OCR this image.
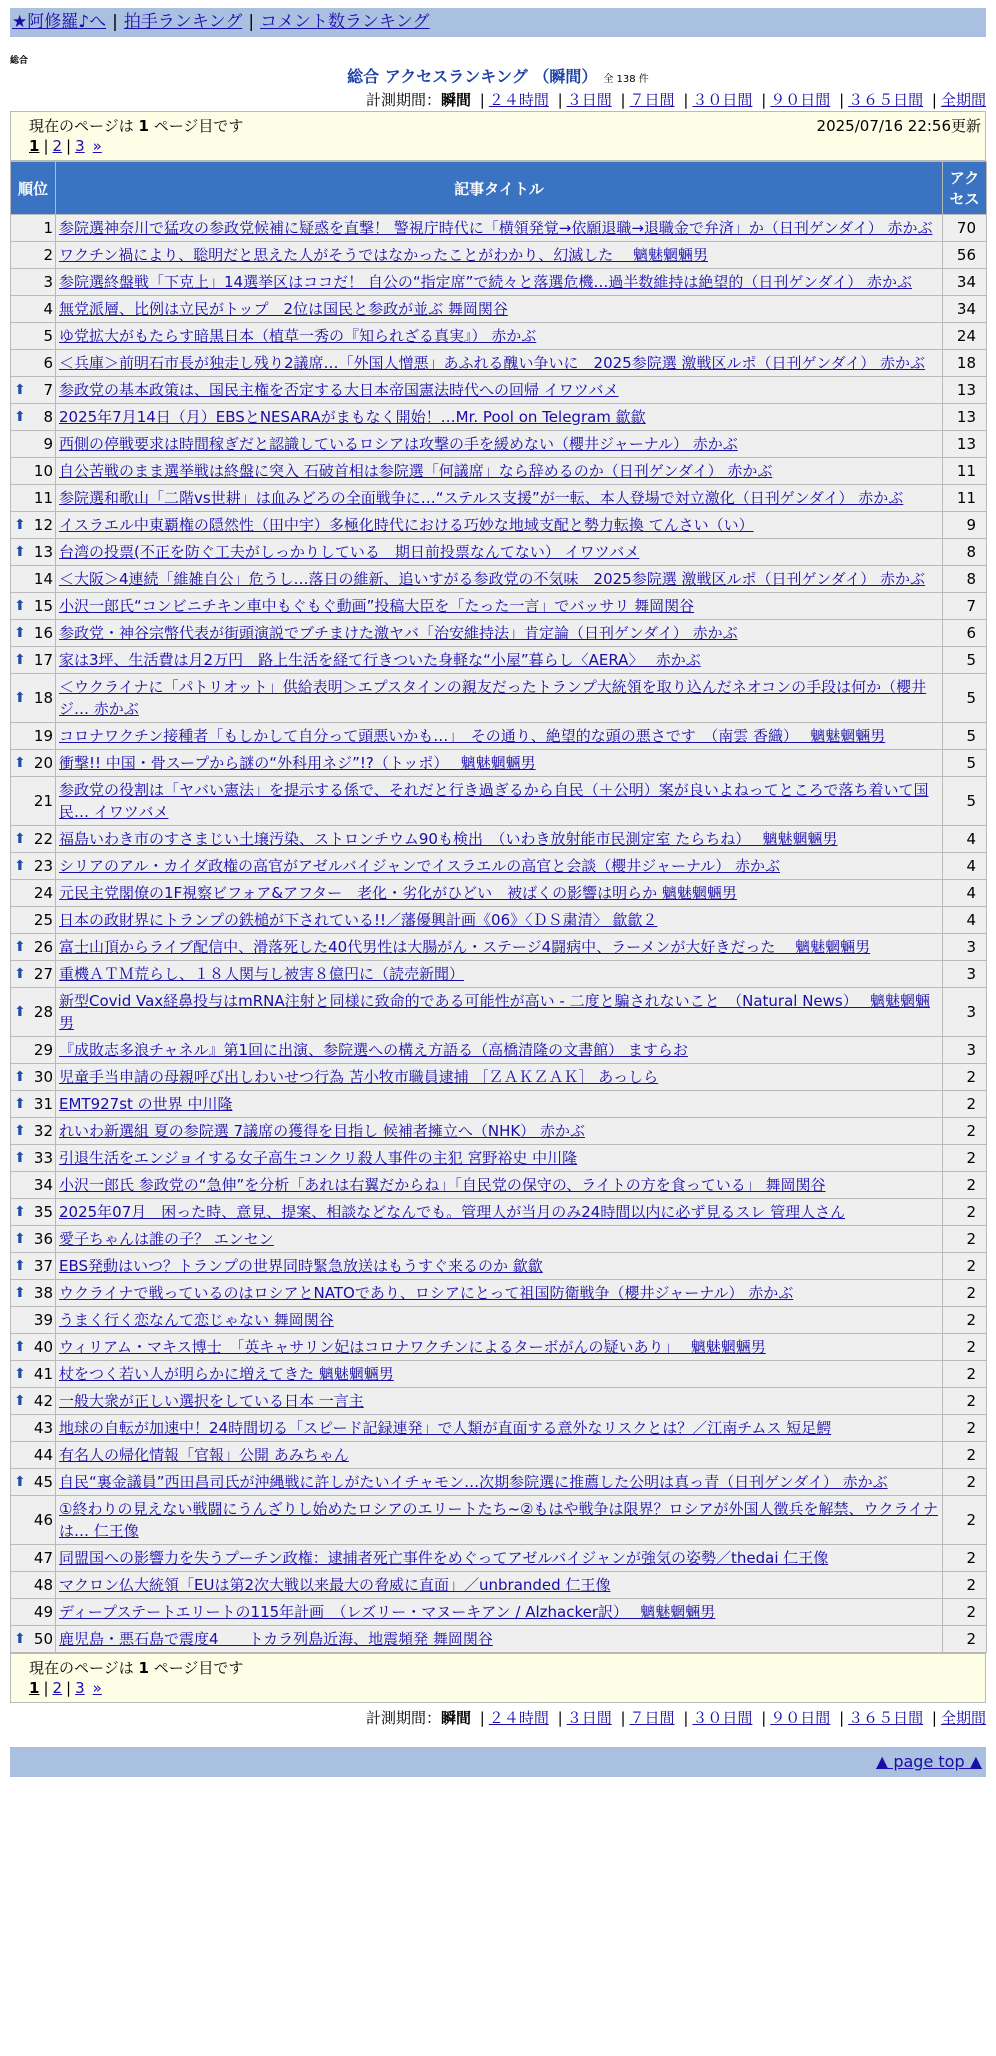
★阿修羅♪へ | 拍手ランキング | コメント数ランキング
総合
総合 アクセスランキング （瞬間） 全 138 件
計測期間：瞬間 | ２４時間 | ３日間 | ７日間 | ３０日間 | ９０日間 | ３６５日間 | 全期間
現在のページは 1 ページ目です	2025/07/16 22:56更新
1 | 2 | 3 »
順位	記事タイトル	アクセス
1	参院選神奈川で猛攻の参政党候補に疑惑を直撃！ 警視庁時代に「横領発覚→依願退職→退職金で弁済」か（日刊ゲンダイ） 赤かぶ	70
2	ワクチン禍により、聡明だと思えた人がそうではなかったことがわかり、幻滅した　 魑魅魍魎男	56
3	参院選終盤戦「下克上」14選挙区はココだ！ 自公の“指定席”で続々と落選危機…過半数維持は絶望的（日刊ゲンダイ） 赤かぶ	34
4	無党派層、比例は立民がトップ　2位は国民と参政が並ぶ 舞岡関谷	34
5	ゆ党拡大がもたらす暗黒日本（植草一秀の『知られざる真実』） 赤かぶ	24
6	＜兵庫＞前明石市長が独走し残り2議席…「外国人憎悪」あふれる醜い争いに　2025参院選 激戦区ルポ（日刊ゲンダイ） 赤かぶ	18

⬆ 7	参政党の基本政策は、国民主権を否定する大日本帝国憲法時代への回帰 イワツバメ	13

⬆ 8	2025年7月14日（月）EBSとNESARAがまもなく開始！…Mr. Pool on Telegram 歙歙	13
9	西側の停戦要求は時間稼ぎだと認識しているロシアは攻撃の手を緩めない（櫻井ジャーナル） 赤かぶ	13
10	自公苦戦のまま選挙戦は終盤に突入 石破首相は参院選「何議席」なら辞めるのか（日刊ゲンダイ） 赤かぶ	11
11	参院選和歌山「二階vs世耕」は血みどろの全面戦争に…“ステルス支援”が一転、本人登場で対立激化（日刊ゲンダイ） 赤かぶ	11

⬆ 12	イスラエル中東覇権の隠然性（田中宇）多極化時代における巧妙な地域支配と勢力転換 てんさい（い）	9

⬆ 13	台湾の投票(不正を防ぐ工夫がしっかりしている　期日前投票なんてない） イワツバメ	8
14	＜大阪＞4連続「維雑自公」危うし…落日の維新、追いすがる参政党の不気味　2025参院選 激戦区ルポ（日刊ゲンダイ） 赤かぶ	8

⬆ 15	小沢一郎氏“コンビニチキン車中もぐもぐ動画”投稿大臣を「たった一言」でバッサリ 舞岡関谷	7

⬆ 16	参政党・神谷宗幣代表が街頭演説でブチまけた激ヤバ「治安維持法」肯定論（日刊ゲンダイ） 赤かぶ	6

⬆ 17	家は3坪、生活費は月2万円　路上生活を経て行きついた身軽な“小屋”暮らし〈AERA〉　 赤かぶ	5

⬆ 18	＜ウクライナに「パトリオット」供給表明＞エプスタインの親友だったトランプ大統領を取り込んだネオコンの手段は何か（櫻井ジ… 赤かぶ	5
19	コロナワクチン接種者「もしかして自分って頭悪いかも…」　その通り、絶望的な頭の悪さです　（南雲 香織）　 魑魅魍魎男	5

⬆ 20	衝撃!! 中国・骨スープから謎の“外科用ネジ”!?（トッポ）　 魑魅魍魎男	5
21	参政党の役割は「ヤバい憲法」を提示する係で、それだと行き過ぎるから自民（＋公明）案が良いよねってところで落ち着いて国民… イワツバメ	5

⬆ 22	福島いわき市のすさまじい土壌汚染、ストロンチウム90も検出　（いわき放射能市民測定室 たらちね）　 魑魅魍魎男	4

⬆ 23	シリアのアル・カイダ政権の高官がアゼルバイジャンでイスラエルの高官と会談（櫻井ジャーナル） 赤かぶ	4
24	元民主党閣僚の1F視察ビフォア&アフター　老化・劣化がひどい　被ばくの影響は明らか 魑魅魍魎男	4
25	日本の政財界にトランプの鉄槌が下されている!!／藩優興計画《06》〈ＤＳ粛清〉 歙歙２	4

⬆ 26	富士山頂からライブ配信中、滑落死した40代男性は大腸がん・ステージ4闘病中、ラーメンが大好きだった　 魑魅魍魎男	3

⬆ 27	重機ＡＴＭ荒らし、１８人関与し被害８億円に（読売新聞）	3

⬆ 28	新型Covid Vax経鼻投与はmRNA注射と同様に致命的である可能性が高い - 二度と騙されないこと　（Natural News）　 魑魅魍魎男	3
29	『成敗志多浪チャネル』第1回に出演、参院選への構え方語る（高橋清隆の文書館） ますらお	3

⬆ 30	児童手当申請の母親呼び出しわいせつ行為 苫小牧市職員逮捕 ［ＺＡＫＺＡＫ］ あっしら	2

⬆ 31	EMT927st の世界 中川隆	2

⬆ 32	れいわ新選組 夏の参院選 7議席の獲得を目指し 候補者擁立へ（NHK） 赤かぶ	2

⬆ 33	引退生活をエンジョイする女子高生コンクリ殺人事件の主犯 宮野裕史 中川隆	2
34	小沢一郎氏 参政党の“急伸”を分析「あれは右翼だからね」「自民党の保守の、ライトの方を食っている」 舞岡関谷	2

⬆ 35	2025年07月　困った時、意見、提案、相談などなんでも。管理人が当月のみ24時間以内に必ず見るスレ 管理人さん	2

⬆ 36	愛子ちゃんは誰の子？ エンセン	2

⬆ 37	EBS発動はいつ？トランプの世界同時緊急放送はもうすぐ来るのか 歙歙	2

⬆ 38	ウクライナで戦っているのはロシアとNATOであり、ロシアにとって祖国防衛戦争（櫻井ジャーナル） 赤かぶ	2
39	うまく行く恋なんて恋じゃない 舞岡関谷	2

⬆ 40	ウィリアム・マキス博士　「英キャサリン妃はコロナワクチンによるターボがんの疑いあり」　 魑魅魍魎男	2

⬆ 41	杖をつく若い人が明らかに増えてきた 魑魅魍魎男	2

⬆ 42	一般大衆が正しい選択をしている日本 一言主	2
43	地球の自転が加速中！24時間切る「スピード記録連発」で人類が直面する意外なリスクとは？／江南チムス 短足鰐	2
44	有名人の帰化情報「官報」公開 あみちゃん	2

⬆ 45	自民“裏金議員”西田昌司氏が沖縄戦に許しがたいイチャモン…次期参院選に推薦した公明は真っ青（日刊ゲンダイ） 赤かぶ	2
46	①終わりの見えない戦闘にうんざりし始めたロシアのエリートたち~②もはや戦争は限界？ロシアが外国人徴兵を解禁、ウクライナは… 仁王像	2
47	同盟国への影響力を失うプーチン政権：逮捕者死亡事件をめぐってアゼルバイジャンが強気の姿勢／thedai 仁王像	2
48	マクロン仏大統領「EUは第2次大戦以来最大の脅威に直面」／unbranded 仁王像	2
49	ディープステートエリートの115年計画　（レズリー・マヌーキアン / Alzhacker訳）　 魑魅魍魎男	2

⬆ 50	鹿児島・悪石島で震度4　　トカラ列島近海、地震頻発 舞岡関谷	2
現在のページは 1 ページ目です
1 | 2 | 3 »
計測期間：瞬間 | ２４時間 | ３日間 | ７日間 | ３０日間 | ９０日間 | ３６５日間 | 全期間
▲ page top ▲
